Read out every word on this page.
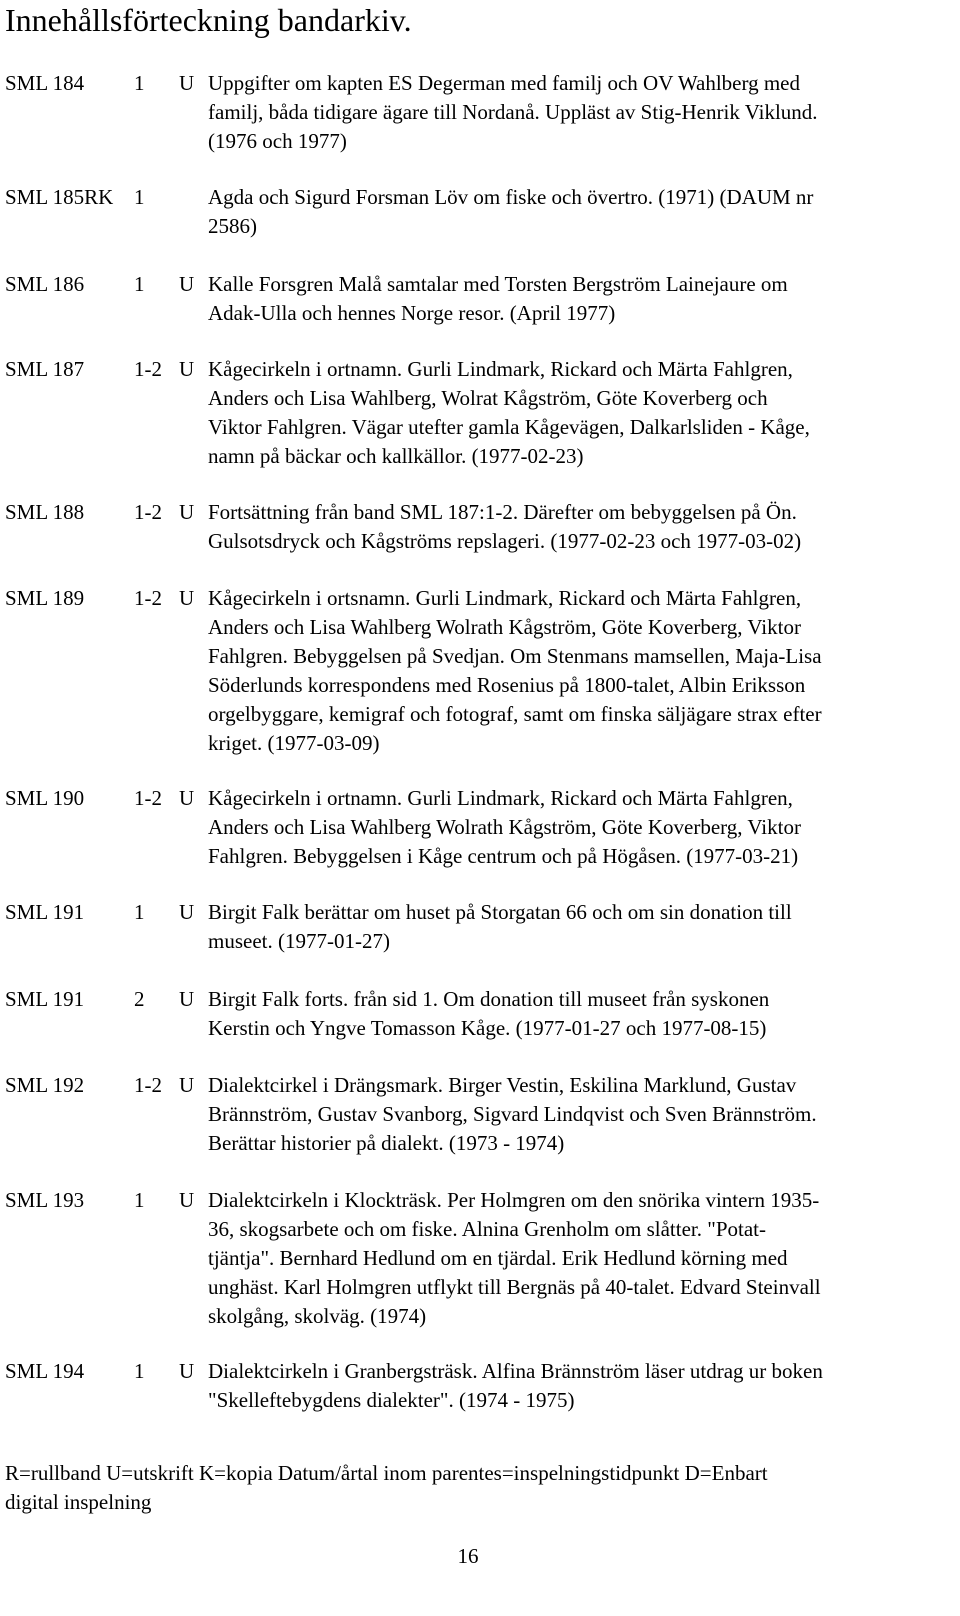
Innehållsförteckning bandarkiv.
SML 184 1 U Uppgifter om kapten ES Degerman med familj och OV Wahlberg med
familj, båda tidigare ägare till Nordanå. Uppläst av Stig-Henrik Viklund.
(1976 och 1977)
SML 185RK 1	Agda och Sigurd Forsman Löv om fiske och övertro. (1971) (DAUM nr
2586)
SML 186 1 U Kalle Forsgren Malå samtalar med Torsten Bergström Lainejaure om
Adak-Ulla och hennes Norge resor. (April 1977)
SML 187 1-2 U Kågecirkeln i ortnamn. Gurli Lindmark, Rickard och Märta Fahlgren,
Anders och Lisa Wahlberg, Wolrat Kågström, Göte Koverberg och
Viktor Fahlgren. Vägar utefter gamla Kågevägen, Dalkarlsliden - Kåge,
namn på bäckar och kallkällor. (1977-02-23)
SML 188 1-2 U Fortsättning från band SML 187:1-2. Därefter om bebyggelsen på Ön.
Gulsotsdryck och Kågströms repslageri. (1977-02-23 och 1977-03-02)
SML 189 1-2 U Kågecirkeln i ortsnamn. Gurli Lindmark, Rickard och Märta Fahlgren,
Anders och Lisa Wahlberg Wolrath Kågström, Göte Koverberg, Viktor
Fahlgren. Bebyggelsen på Svedjan. Om Stenmans mamsellen, Maja-Lisa
Söderlunds korrespondens med Rosenius på 1800-talet, Albin Eriksson
orgelbyggare, kemigraf och fotograf, samt om finska säljägare strax efter
kriget. (1977-03-09)
SML 190 1-2 U Kågecirkeln i ortnamn. Gurli Lindmark, Rickard och Märta Fahlgren,
Anders och Lisa Wahlberg Wolrath Kågström, Göte Koverberg, Viktor
Fahlgren. Bebyggelsen i Kåge centrum och på Högåsen. (1977-03-21)
SML 191 1 U Birgit Falk berättar om huset på Storgatan 66 och om sin donation till
museet. (1977-01-27)
SML 191 2 U Birgit Falk forts. från sid 1. Om donation till museet från syskonen
Kerstin och Yngve Tomasson Kåge. (1977-01-27 och 1977-08-15)
SML 192 1-2 U Dialektcirkel i Drängsmark. Birger Vestin, Eskilina Marklund, Gustav
Brännström, Gustav Svanborg, Sigvard Lindqvist och Sven Brännström.
Berättar historier på dialekt. (1973 - 1974)
SML 193 1 U Dialektcirkeln i Klockträsk. Per Holmgren om den snörika vintern 1935-
36, skogsarbete och om fiske. Alnina Grenholm om slåtter. "Potat-
tjäntja". Bernhard Hedlund om en tjärdal. Erik Hedlund körning med
unghäst. Karl Holmgren utflykt till Bergnäs på 40-talet. Edvard Steinvall
skolgång, skolväg. (1974)
SML 194 1 U Dialektcirkeln i Granbergsträsk. Alfina Brännström läser utdrag ur boken
"Skelleftebygdens dialekter". (1974 - 1975)
R=rullband U=utskrift K=kopia Datum/årtal inom parentes=inspelningstidpunkt D=Enbart
digital inspelning
16
